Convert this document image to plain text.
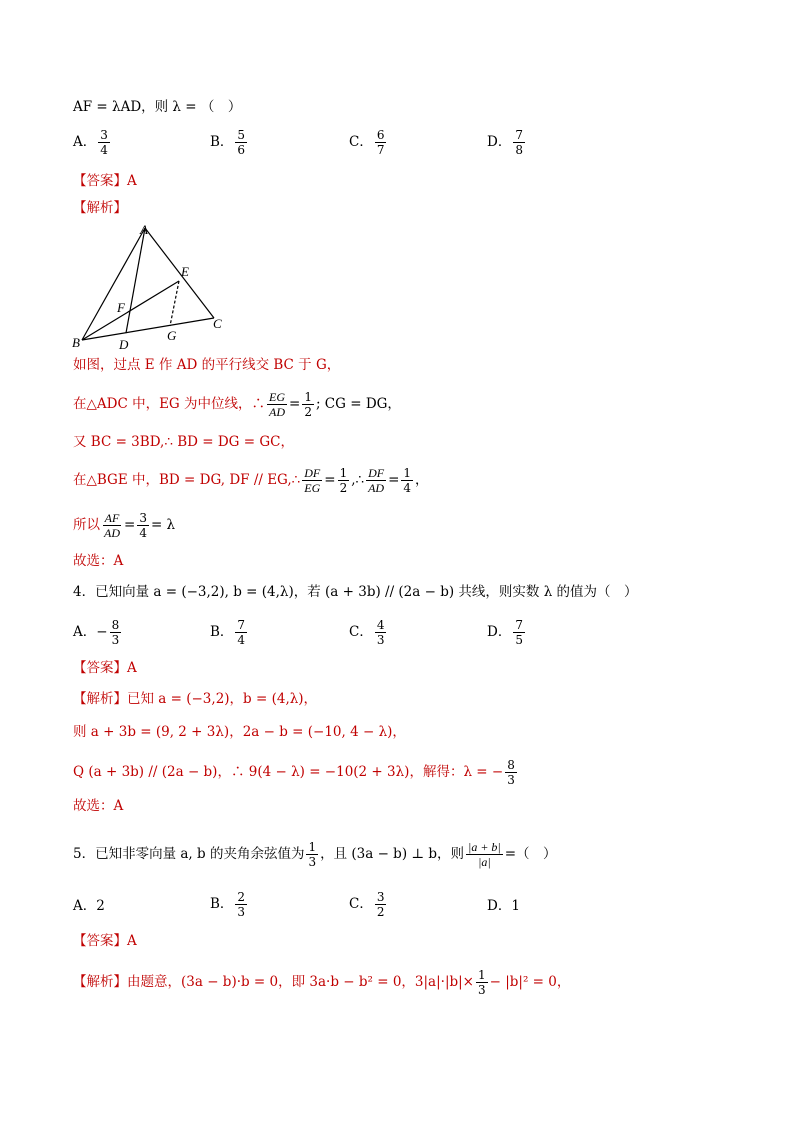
AF = λAD，则 λ = （　）
A． $\frac{3}{4}$	B． $\frac{5}{6}$	C． $\frac{6}{7}$	D． $\frac{7}{8}$
【答案】A
【解析】
A
B
C
D
E
F
G
如图，过点 E 作 AD 的平行线交 BC 于 G，
在△ADC 中，EG 为中位线，∴ $\frac{EG}{AD} = \frac{1}{2}$ ; CG = DG，
又 BC = 3BD,∴ BD = DG = GC，
在△BGE 中，BD = DG, DF // EG,∴ $\frac{DF}{EG} = \frac{1}{2}$ ,∴ $\frac{DF}{AD} = \frac{1}{4}$ ，
所以 $\frac{AF}{AD} = \frac{3}{4} = \lambda$
故选：A
4．已知向量 a = (−3,2), b = (4,λ)，若 (a + 3b) // (2a − b) 共线，则实数 λ 的值为（　）
A．− $\frac{8}{3}$	B． $\frac{7}{4}$	C． $\frac{4}{3}$	D． $\frac{7}{5}$
【答案】A
【解析】已知 a = (−3,2)，b = (4,λ)，
则 a + 3b = (9, 2 + 3λ)，2a − b = (−10, 4 − λ)，
Q (a + 3b) // (2a − b)，∴ 9(4 − λ) = −10(2 + 3λ)，解得：λ = − $\frac{8}{3}$
故选：A
5．已知非零向量 a, b 的夹角余弦值为 $\frac{1}{3}$ ，且 (3a − b) ⊥ b，则 $\frac{|a + b|}{|a|}$ =（　）
A．2	B． $\frac{2}{3}$	C． $\frac{3}{2}$	D．1
【答案】A
【解析】由题意，(3a − b)·b = 0，即 3a·b − b² = 0，$3|a|\cdot|b|\times \frac{1}{3} - |b|^2 = 0$，
